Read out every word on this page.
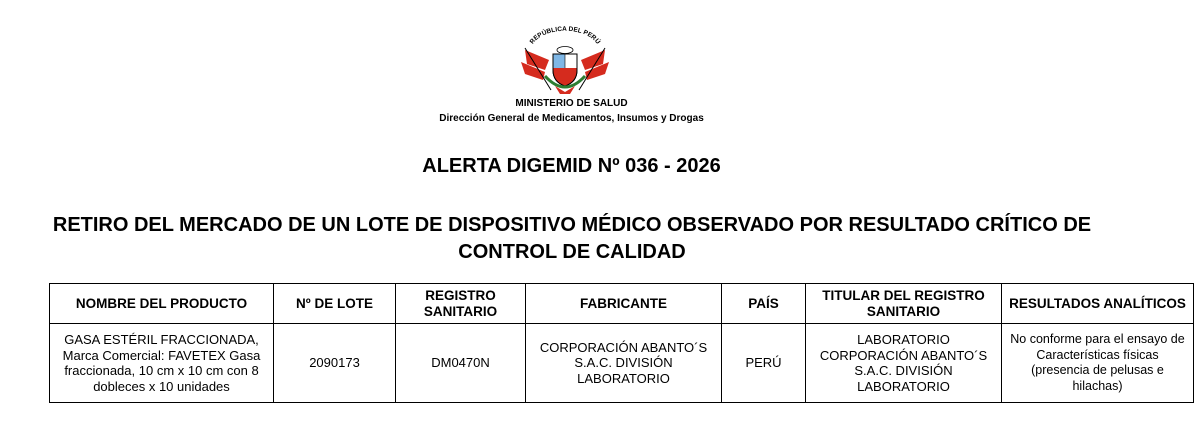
REPÚBLICA DEL PERÚ
MINISTERIO DE SALUD
Dirección General de Medicamentos, Insumos y Drogas
ALERTA DIGEMID Nº 036 - 2026
RETIRO DEL MERCADO DE UN LOTE DE DISPOSITIVO MÉDICO OBSERVADO POR RESULTADO CRÍTICO DE CONTROL DE CALIDAD
NOMBRE DEL PRODUCTO	Nº DE LOTE	REGISTRO SANITARIO	FABRICANTE	PAÍS	TITULAR DEL REGISTRO SANITARIO	RESULTADOS ANALÍTICOS
GASA ESTÉRIL FRACCIONADA, Marca Comercial: FAVETEX Gasa fraccionada, 10 cm x 10 cm con 8 dobleces x 10 unidades	2090173	DM0470N	CORPORACIÓN ABANTO´S S.A.C. DIVISIÓN LABORATORIO	PERÚ	LABORATORIO CORPORACIÓN ABANTO´S S.A.C. DIVISIÓN LABORATORIO	No conforme para el ensayo de Características físicas (presencia de pelusas e hilachas)
